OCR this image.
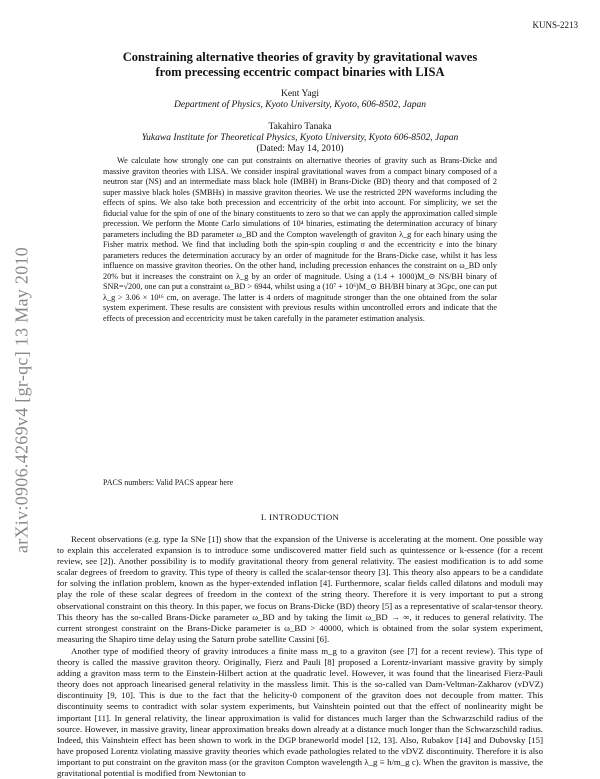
KUNS-2213
arXiv:0906.4269v4 [gr-qc] 13 May 2010
Constraining alternative theories of gravity by gravitational waves
from precessing eccentric compact binaries with LISA
Kent Yagi
Department of Physics, Kyoto University, Kyoto, 606-8502, Japan
Takahiro Tanaka
Yukawa Institute for Theoretical Physics, Kyoto University, Kyoto 606-8502, Japan
(Dated: May 14, 2010)

We calculate how strongly one can put constraints on alternative theories of gravity such as Brans-Dicke and massive graviton theories with LISA. We consider inspiral gravitational waves from a compact binary composed of a neutron star (NS) and an intermediate mass black hole (IMBH) in Brans-Dicke (BD) theory and that composed of 2 super massive black holes (SMBHs) in massive graviton theories. We use the restricted 2PN waveforms including the effects of spins. We also take both precession and eccentricity of the orbit into account. For simplicity, we set the fiducial value for the spin of one of the binary constituents to zero so that we can apply the approximation called simple precession. We perform the Monte Carlo simulations of 10⁴ binaries, estimating the determination accuracy of binary parameters including the BD parameter ω_BD and the Compton wavelength of graviton λ_g for each binary using the Fisher matrix method. We find that including both the spin-spin coupling σ and the eccentricity e into the binary parameters reduces the determination accuracy by an order of magnitude for the Brans-Dicke case, whilst it has less influence on massive graviton theories. On the other hand, including precession enhances the constraint on ω_BD only 20% but it increases the constraint on λ_g by an order of magnitude. Using a (1.4 + 1000)M_⊙ NS/BH binary of SNR=√200, one can put a constraint ω_BD > 6944, whilst using a (10⁷ + 10⁶)M_⊙ BH/BH binary at 3Gpc, one can put λ_g > 3.06 × 10¹⁶ cm, on average. The latter is 4 orders of magnitude stronger than the one obtained from the solar system experiment. These results are consistent with previous results within uncontrolled errors and indicate that the effects of precession and eccentricity must be taken carefully in the parameter estimation analysis.

PACS numbers: Valid PACS appear here
I. INTRODUCTION

Recent observations (e.g. type Ia SNe [1]) show that the expansion of the Universe is accelerating at the moment. One possible way to explain this accelerated expansion is to introduce some undiscovered matter field such as quintessence or k-essence (for a recent review, see [2]). Another possibility is to modify gravitational theory from general relativity. The easiest modification is to add some scalar degrees of freedom to gravity. This type of theory is called the scalar-tensor theory [3]. This theory also appears to be a candidate for solving the inflation problem, known as the hyper-extended inflation [4]. Furthermore, scalar fields called dilatons and moduli may play the role of these scalar degrees of freedom in the context of the string theory. Therefore it is very important to put a strong observational constraint on this theory. In this paper, we focus on Brans-Dicke (BD) theory [5] as a representative of scalar-tensor theory. This theory has the so-called Brans-Dicke parameter ω_BD and by taking the limit ω_BD → ∞, it reduces to general relativity. The current strongest constraint on the Brans-Dicke parameter is ω_BD > 40000, which is obtained from the solar system experiment, measuring the Shapiro time delay using the Saturn probe satellite Cassini [6].

Another type of modified theory of gravity introduces a finite mass m_g to a graviton (see [7] for a recent review). This type of theory is called the massive graviton theory. Originally, Fierz and Pauli [8] proposed a Lorentz-invariant massive gravity by simply adding a graviton mass term to the Einstein-Hilbert action at the quadratic level. However, it was found that the linearised Fierz-Pauli theory does not approach linearised general relativity in the massless limit. This is the so-called van Dam-Veltman-Zakharov (vDVZ) discontinuity [9, 10]. This is due to the fact that the helicity-0 component of the graviton does not decouple from matter. This discontinuity seems to contradict with solar system experiments, but Vainshtein pointed out that the effect of nonlinearity might be important [11]. In general relativity, the linear approximation is valid for distances much larger than the Schwarzschild radius of the source. However, in massive gravity, linear approximation breaks down already at a distance much longer than the Schwarzschild radius. Indeed, this Vainshtein effect has been shown to work in the DGP braneworld model [12, 13]. Also, Rubakov [14] and Dubovsky [15] have proposed Lorentz violating massive gravity theories which evade pathologies related to the vDVZ discontinuity. Therefore it is also important to put constraint on the graviton mass (or the graviton Compton wavelength λ_g ≡ h/m_g c). When the graviton is massive, the gravitational potential is modified from Newtonian to
